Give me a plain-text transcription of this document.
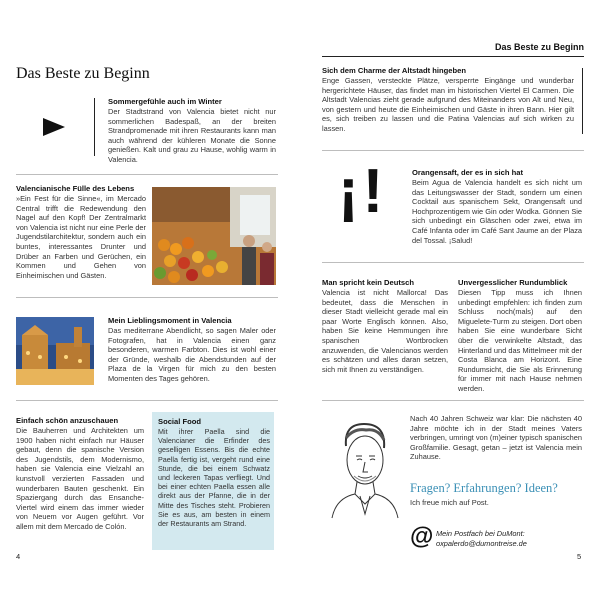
Das Beste zu Beginn
Sommergefühle auch im Winter
Der Stadtstrand von Valencia bietet nicht nur sommerlichen Badespaß, an der breiten Strandpromenade mit ihren Restaurants kann man auch während der kühleren Monate die Sonne genießen. Kalt und grau zu Hause, wohlig warm in Valencia.
Valencianische Fülle des Lebens
»Ein Fest für die Sinne«, im Mercado Central trifft die Redewendung den Nagel auf den Kopf! Der Zentralmarkt von Valencia ist nicht nur eine Perle der Jugendstilarchitektur, sondern auch ein buntes, interessantes Drunter und Drüber an Farben und Gerüchen, ein Kommen und Gehen von Einheimischen und Gästen.
Mein Lieblingsmoment in Valencia
Das mediterrane Abendlicht, so sagen Maler oder Fotografen, hat in Valencia einen ganz besonderen, warmen Farbton. Dies ist wohl einer der Gründe, weshalb die Abendstunden auf der Plaza de la Virgen für mich zu den besten Momenten des Tages gehören.
Einfach schön anzuschauen
Die Bauherren und Architekten um 1900 haben nicht einfach nur Häuser gebaut, denn die spanische Version des Jugendstils, dem Modernismo, haben sie Valencia eine Vielzahl an kunstvoll verzierten Fassaden und wunderbaren Bauten geschenkt. Ein Spaziergang durch das Ensanche-Viertel wird einem das immer wieder von Neuem vor Augen geführt. Vor allem mit dem Mercado de Colón.
Social Food
Mit ihrer Paella sind die Valencianer die Erfinder des geselligen Essens. Bis die echte Paella fertig ist, vergeht rund eine Stunde, die bei einem Schwatz und leckeren Tapas verfliegt. Und bei einer echten Paella essen alle direkt aus der Pfanne, die in der Mitte des Tisches steht. Probieren Sie es aus, am besten in einem der Restaurants am Strand.
4
Das Beste zu Beginn
Sich dem Charme der Altstadt hingeben
Enge Gassen, versteckte Plätze, versperrte Eingänge und wunderbar hergerichtete Häuser, das findet man im historischen Viertel El Carmen. Die Altstadt Valencias zieht gerade aufgrund des Miteinanders von Alt und Neu, von gestern und heute die Einheimischen und Gäste in ihren Bann. Hier gilt es, sich treiben zu lassen und die Patina Valencias auf sich wirken zu lassen.
¡!	Orangensaft, der es in sich hat
Beim Agua de Valencia handelt es sich nicht um das Leitungswasser der Stadt, sondern um einen Cocktail aus spanischem Sekt, Orangensaft und Hochprozentigem wie Gin oder Wodka. Gönnen Sie sich unbedingt ein Gläschen oder zwei, etwa im Café Infanta oder im Café Sant Jaume an der Plaza del Tossal. ¡Salud!
Man spricht kein Deutsch
Valencia ist nicht Mallorca! Das bedeutet, dass die Menschen in dieser Stadt vielleicht gerade mal ein paar Worte Englisch können. Also, haben Sie keine Hemmungen ihre spanischen Wortbrocken anzuwenden, die Valencianos werden es schätzen und alles daran setzen, sich mit Ihnen zu verständigen.
Unvergesslicher Rundumblick
Diesen Tipp muss ich Ihnen unbedingt empfehlen: ich finden zum Schluss noch(mals) auf den Miguelete-Turm zu steigen. Dort oben haben Sie eine wunderbare Sicht über die verwinkelte Altstadt, das Hinterland und das Mittelmeer mit der Costa Blanca am Horizont. Eine Rundumsicht, die Sie als Erinnerung für immer mit nach Hause nehmen werden.
Nach 40 Jahren Schweiz war klar: Die nächsten 40 Jahre möchte ich in der Stadt meines Vaters verbringen, umringt von (m)einer typisch spanischen Großfamilie. Gesagt, getan – jetzt ist Valencia mein Zuhause.
Fragen? Erfahrungen? Ideen?
Ich freue mich auf Post.
@ Mein Postfach bei DuMont:
oxpalerdo@dumontreise.de
5
